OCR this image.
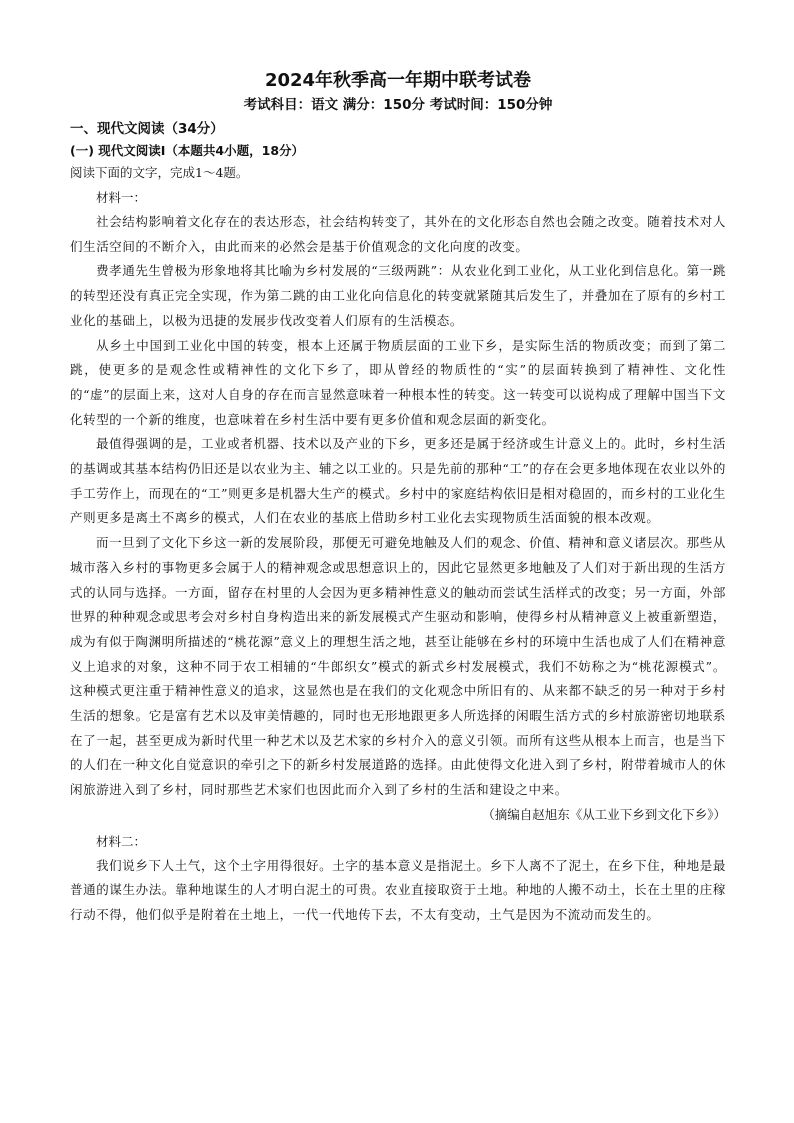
2024年秋季高一年期中联考试卷

考试科目：语文 满分：150分 考试时间：150分钟

一、现代文阅读（34分）

(一) 现代文阅读Ⅰ（本题共4小题，18分）

阅读下面的文字，完成1～4题。

材料一：

社会结构影响着文化存在的表达形态，社会结构转变了，其外在的文化形态自然也会随之改变。随着技术对人们生活空间的不断介入，由此而来的必然会是基于价值观念的文化向度的改变。

费孝通先生曾极为形象地将其比喻为乡村发展的“三级两跳”：从农业化到工业化，从工业化到信息化。第一跳的转型还没有真正完全实现，作为第二跳的由工业化向信息化的转变就紧随其后发生了，并叠加在了原有的乡村工业化的基础上，以极为迅捷的发展步伐改变着人们原有的生活模态。

从乡土中国到工业化中国的转变，根本上还属于物质层面的工业下乡，是实际生活的物质改变；而到了第二跳，使更多的是观念性或精神性的文化下乡了，即从曾经的物质性的“实”的层面转换到了精神性、文化性的“虚”的层面上来，这对人自身的存在而言显然意味着一种根本性的转变。这一转变可以说构成了理解中国当下文化转型的一个新的维度，也意味着在乡村生活中要有更多价值和观念层面的新变化。

最值得强调的是，工业或者机器、技术以及产业的下乡，更多还是属于经济或生计意义上的。此时，乡村生活的基调或其基本结构仍旧还是以农业为主、辅之以工业的。只是先前的那种“工”的存在会更多地体现在农业以外的手工劳作上，而现在的“工”则更多是机器大生产的模式。乡村中的家庭结构依旧是相对稳固的，而乡村的工业化生产则更多是离土不离乡的模式，人们在农业的基底上借助乡村工业化去实现物质生活面貌的根本改观。

而一旦到了文化下乡这一新的发展阶段，那便无可避免地触及人们的观念、价值、精神和意义诸层次。那些从城市落入乡村的事物更多会属于人的精神观念或思想意识上的，因此它显然更多地触及了人们对于新出现的生活方式的认同与选择。一方面，留存在村里的人会因为更多精神性意义的触动而尝试生活样式的改变；另一方面，外部世界的种种观念或思考会对乡村自身构造出来的新发展模式产生驱动和影响，使得乡村从精神意义上被重新塑造，成为有似于陶渊明所描述的“桃花源”意义上的理想生活之地，甚至让能够在乡村的环境中生活也成了人们在精神意义上追求的对象，这种不同于农工相辅的“牛郎织女”模式的新式乡村发展模式，我们不妨称之为“桃花源模式”。这种模式更注重于精神性意义的追求，这显然也是在我们的文化观念中所旧有的、从来都不缺乏的另一种对于乡村生活的想象。它是富有艺术以及审美情趣的，同时也无形地跟更多人所选择的闲暇生活方式的乡村旅游密切地联系在了一起，甚至更成为新时代里一种艺术以及艺术家的乡村介入的意义引领。而所有这些从根本上而言，也是当下的人们在一种文化自觉意识的牵引之下的新乡村发展道路的选择。由此使得文化进入到了乡村，附带着城市人的休闲旅游进入到了乡村，同时那些艺术家们也因此而介入到了乡村的生活和建设之中来。

（摘编自赵旭东《从工业下乡到文化下乡》）

材料二：

我们说乡下人土气，这个土字用得很好。土字的基本意义是指泥土。乡下人离不了泥土，在乡下住，种地是最普通的谋生办法。靠种地谋生的人才明白泥土的可贵。农业直接取资于土地。种地的人搬不动土，长在土里的庄稼行动不得，他们似乎是附着在土地上，一代一代地传下去，不太有变动，土气是因为不流动而发生的。
